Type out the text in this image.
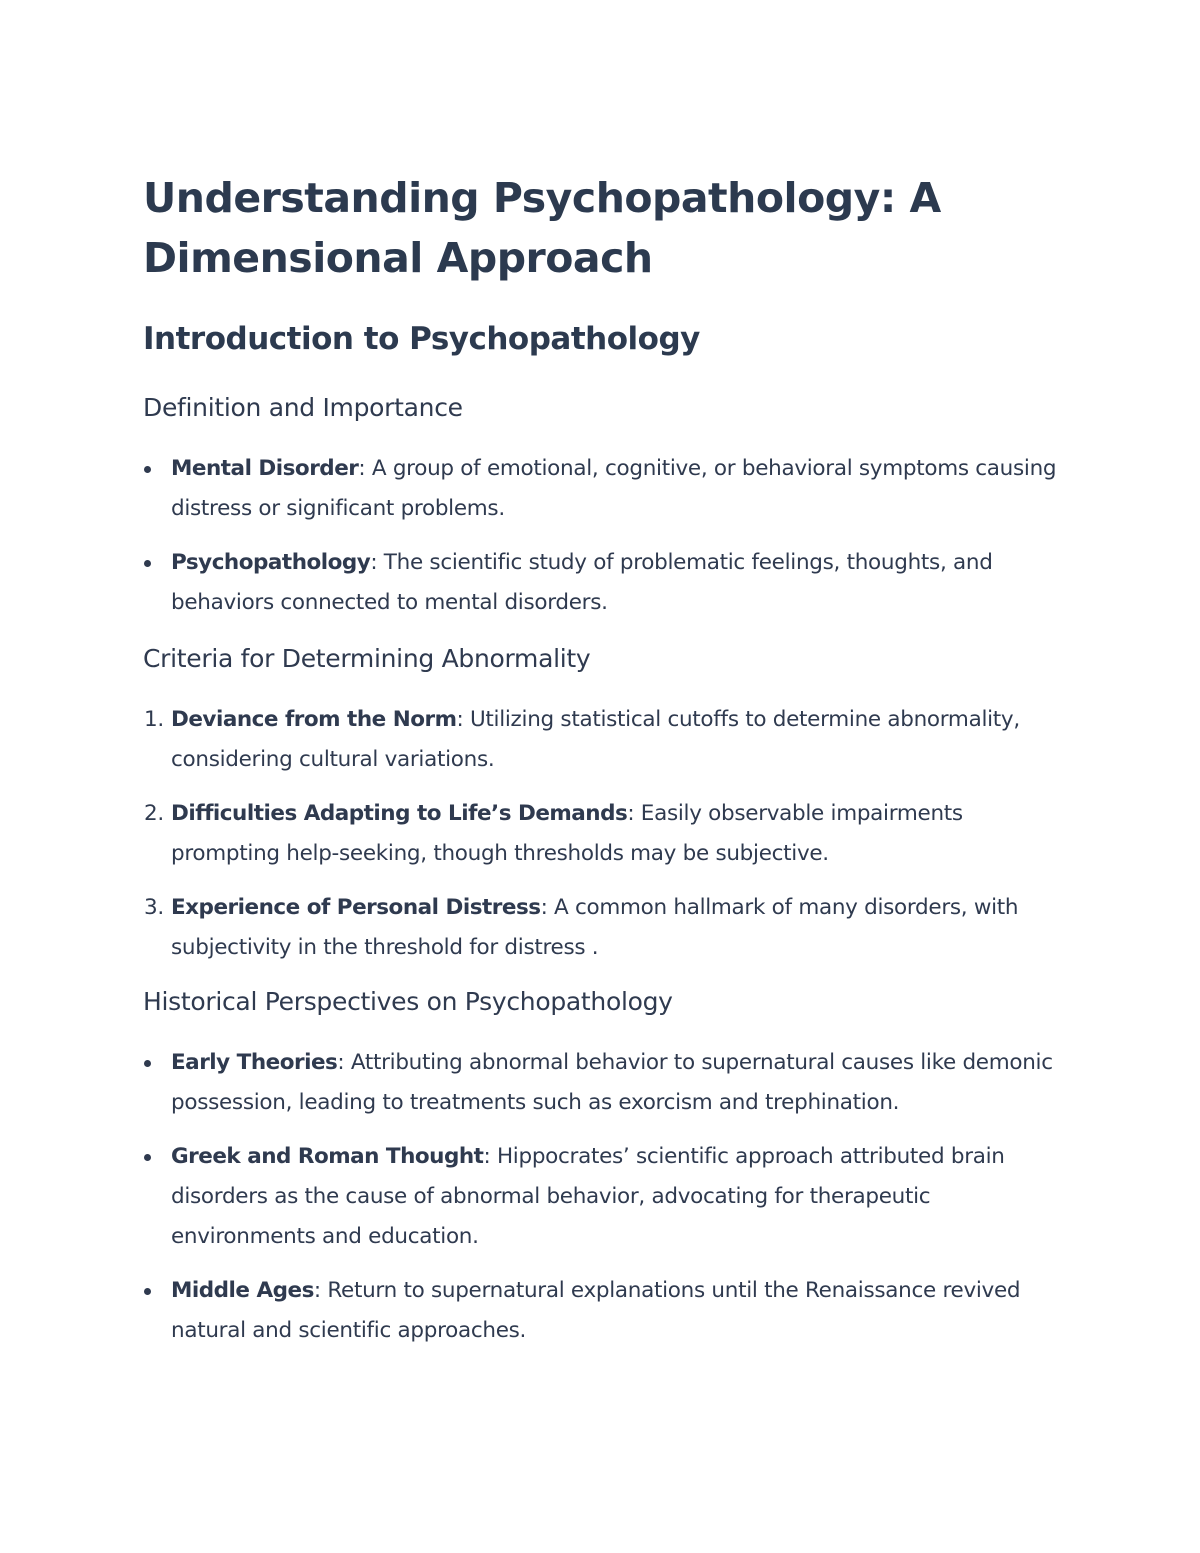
Understanding Psychopathology: A Dimensional Approach
Introduction to Psychopathology
Definition and Importance
Mental Disorder: A group of emotional, cognitive, or behavioral symptoms causing distress or significant problems.
Psychopathology: The scientific study of problematic feelings, thoughts, and behaviors connected to mental disorders.
Criteria for Determining Abnormality
1. Deviance from the Norm: Utilizing statistical cutoffs to determine abnormality, considering cultural variations.
2. Difficulties Adapting to Life’s Demands: Easily observable impairments prompting help-seeking, though thresholds may be subjective.
3. Experience of Personal Distress: A common hallmark of many disorders, with subjectivity in the threshold for distress .
Historical Perspectives on Psychopathology
Early Theories: Attributing abnormal behavior to supernatural causes like demonic possession, leading to treatments such as exorcism and trephination.
Greek and Roman Thought: Hippocrates’ scientific approach attributed brain disorders as the cause of abnormal behavior, advocating for therapeutic environments and education.
Middle Ages: Return to supernatural explanations until the Renaissance revived natural and scientific approaches.
